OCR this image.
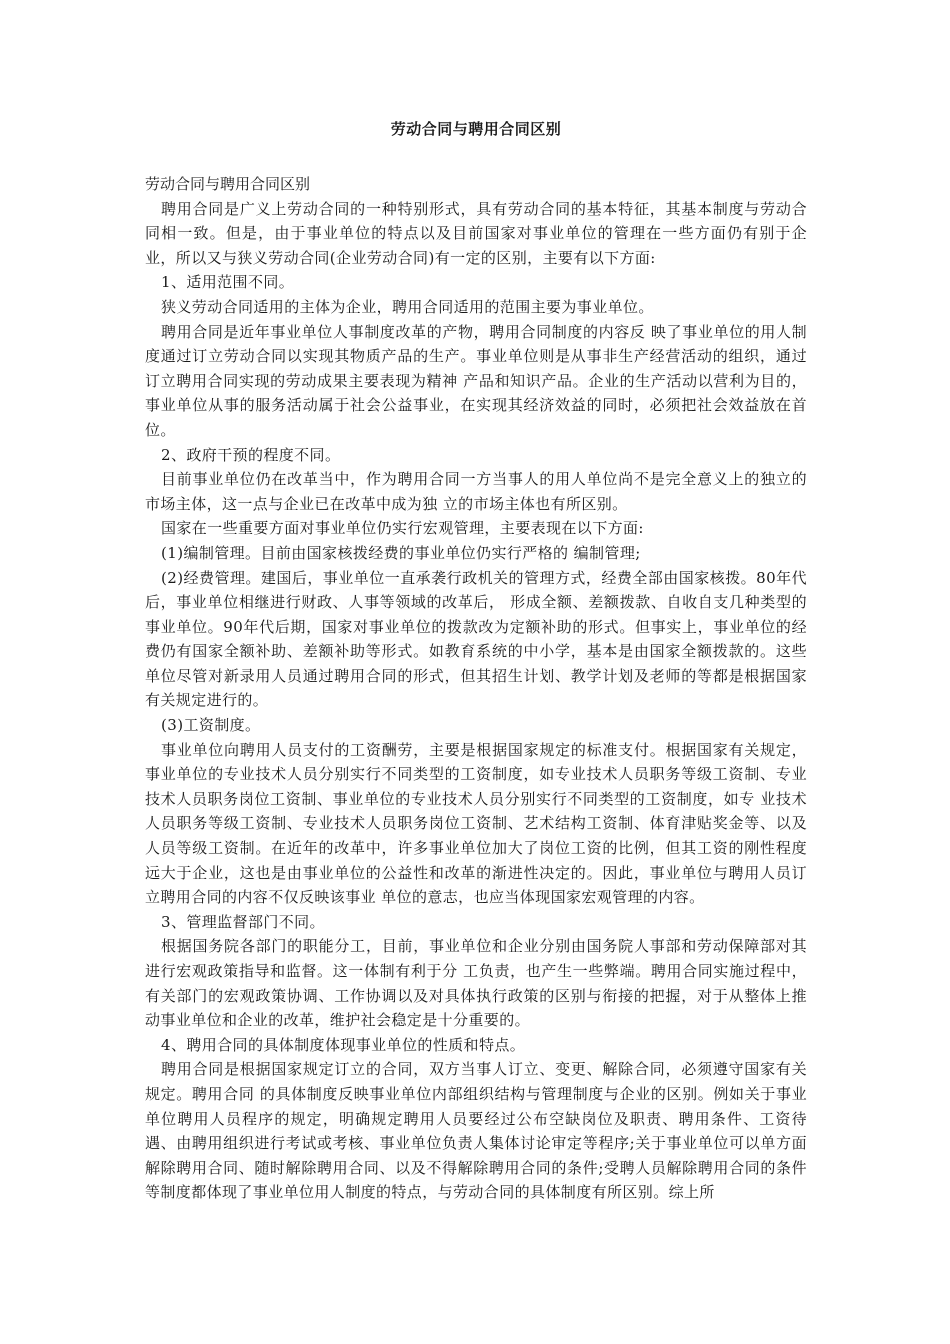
劳动合同与聘用合同区别

劳动合同与聘用合同区别

聘用合同是广义上劳动合同的一种特别形式，具有劳动合同的基本特征，其基本制度与劳动合同相一致。但是，由于事业单位的特点以及目前国家对事业单位的管理在一些方面仍有别于企业，所以又与狭义劳动合同(企业劳动合同)有一定的区别，主要有以下方面:

1、适用范围不同。

狭义劳动合同适用的主体为企业，聘用合同适用的范围主要为事业单位。

聘用合同是近年事业单位人事制度改革的产物，聘用合同制度的内容反 映了事业单位的用人制度通过订立劳动合同以实现其物质产品的生产。事业单位则是从事非生产经营活动的组织，通过订立聘用合同实现的劳动成果主要表现为精神 产品和知识产品。企业的生产活动以营利为目的，事业单位从事的服务活动属于社会公益事业，在实现其经济效益的同时，必须把社会效益放在首位。

2、政府干预的程度不同。

目前事业单位仍在改革当中，作为聘用合同一方当事人的用人单位尚不是完全意义上的独立的市场主体，这一点与企业已在改革中成为独 立的市场主体也有所区别。

国家在一些重要方面对事业单位仍实行宏观管理，主要表现在以下方面:

(1)编制管理。目前由国家核拨经费的事业单位仍实行严格的 编制管理;

(2)经费管理。建国后，事业单位一直承袭行政机关的管理方式，经费全部由国家核拨。80年代后，事业单位相继进行财政、人事等领域的改革后， 形成全额、差额拨款、自收自支几种类型的事业单位。90年代后期，国家对事业单位的拨款改为定额补助的形式。但事实上，事业单位的经费仍有国家全额补助、差额补助等形式。如教育系统的中小学，基本是由国家全额拨款的。这些单位尽管对新录用人员通过聘用合同的形式，但其招生计划、教学计划及老师的等都是根据国家有关规定进行的。

(3)工资制度。

事业单位向聘用人员支付的工资酬劳，主要是根据国家规定的标准支付。根据国家有关规定，事业单位的专业技术人员分别实行不同类型的工资制度，如专业技术人员职务等级工资制、专业技术人员职务岗位工资制、事业单位的专业技术人员分别实行不同类型的工资制度，如专 业技术人员职务等级工资制、专业技术人员职务岗位工资制、艺术结构工资制、体育津贴奖金等、以及人员等级工资制。在近年的改革中，许多事业单位加大了岗位工资的比例，但其工资的刚性程度远大于企业，这也是由事业单位的公益性和改革的渐进性决定的。因此，事业单位与聘用人员订立聘用合同的内容不仅反映该事业 单位的意志，也应当体现国家宏观管理的内容。

3、管理监督部门不同。

根据国务院各部门的职能分工，目前，事业单位和企业分别由国务院人事部和劳动保障部对其进行宏观政策指导和监督。这一体制有利于分 工负责，也产生一些弊端。聘用合同实施过程中，有关部门的宏观政策协调、工作协调以及对具体执行政策的区别与衔接的把握，对于从整体上推动事业单位和企业的改革，维护社会稳定是十分重要的。

4、聘用合同的具体制度体现事业单位的性质和特点。

聘用合同是根据国家规定订立的合同，双方当事人订立、变更、解除合同，必须遵守国家有关规定。聘用合同 的具体制度反映事业单位内部组织结构与管理制度与企业的区别。例如关于事业单位聘用人员程序的规定，明确规定聘用人员要经过公布空缺岗位及职责、聘用条件、工资待遇、由聘用组织进行考试或考核、事业单位负责人集体讨论审定等程序;关于事业单位可以单方面解除聘用合同、随时解除聘用合同、以及不得解除聘用合同的条件;受聘人员解除聘用合同的条件等制度都体现了事业单位用人制度的特点，与劳动合同的具体制度有所区别。综上所
